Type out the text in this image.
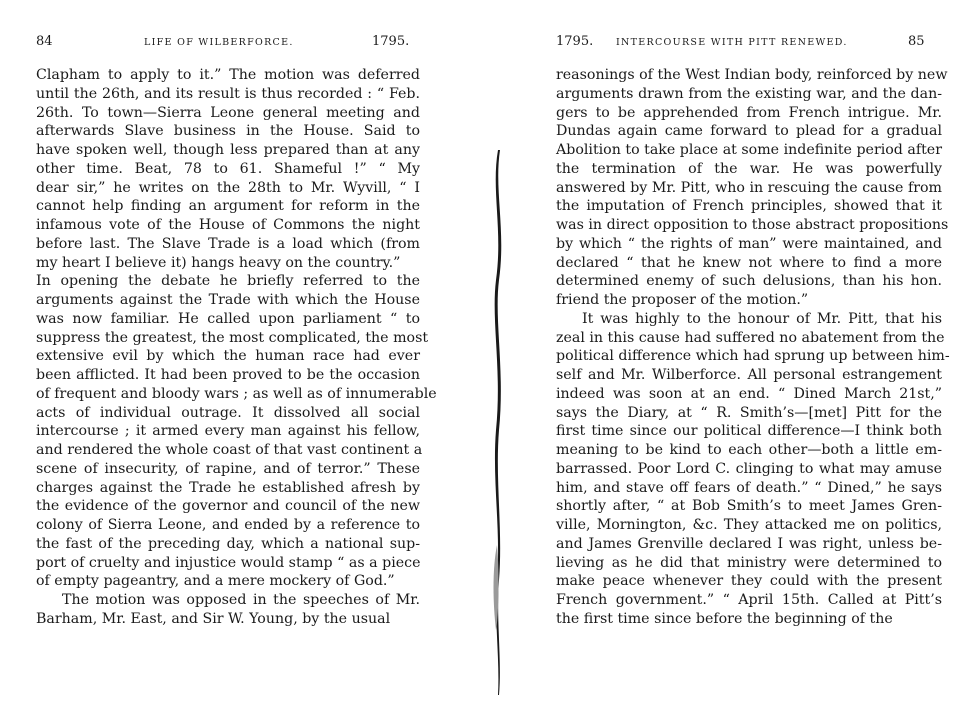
84	LIFE OF WILBERFORCE.	1795.
Clapham to apply to it.” The motion was deferred
until the 26th, and its result is thus recorded : “ Feb.
26th. To town—Sierra Leone general meeting and
afterwards Slave business in the House. Said to
have spoken well, though less prepared than at any
other time. Beat, 78 to 61. Shameful !” “ My
dear sir,” he writes on the 28th to Mr. Wyvill, “ I
cannot help finding an argument for reform in the
infamous vote of the House of Commons the night
before last. The Slave Trade is a load which (from
my heart I believe it) hangs heavy on the country.”
In opening the debate he briefly referred to the
arguments against the Trade with which the House
was now familiar. He called upon parliament “ to
suppress the greatest, the most complicated, the most
extensive evil by which the human race had ever
been afflicted. It had been proved to be the occasion
of frequent and bloody wars ; as well as of innumerable
acts of individual outrage. It dissolved all social
intercourse ; it armed every man against his fellow,
and rendered the whole coast of that vast continent a
scene of insecurity, of rapine, and of terror.” These
charges against the Trade he established afresh by
the evidence of the governor and council of the new
colony of Sierra Leone, and ended by a reference to
the fast of the preceding day, which a national sup-
port of cruelty and injustice would stamp “ as a piece
of empty pageantry, and a mere mockery of God.”
The motion was opposed in the speeches of Mr.
Barham, Mr. East, and Sir W. Young, by the usual
1795. INTERCOURSE WITH PITT RENEWED.	85
reasonings of the West Indian body, reinforced by new
arguments drawn from the existing war, and the dan-
gers to be apprehended from French intrigue. Mr.
Dundas again came forward to plead for a gradual
Abolition to take place at some indefinite period after
the termination of the war. He was powerfully
answered by Mr. Pitt, who in rescuing the cause from
the imputation of French principles, showed that it
was in direct opposition to those abstract propositions
by which “ the rights of man” were maintained, and
declared “ that he knew not where to find a more
determined enemy of such delusions, than his hon.
friend the proposer of the motion.”
It was highly to the honour of Mr. Pitt, that his
zeal in this cause had suffered no abatement from the
political difference which had sprung up between him-
self and Mr. Wilberforce. All personal estrangement
indeed was soon at an end. “ Dined March 21st,”
says the Diary, at “ R. Smith’s—[met] Pitt for the
first time since our political difference—I think both
meaning to be kind to each other—both a little em-
barrassed. Poor Lord C. clinging to what may amuse
him, and stave off fears of death.” “ Dined,” he says
shortly after, “ at Bob Smith’s to meet James Gren-
ville, Mornington, &c. They attacked me on politics,
and James Grenville declared I was right, unless be-
lieving as he did that ministry were determined to
make peace whenever they could with the present
French government.” “ April 15th. Called at Pitt’s
the first time since before the beginning of the
